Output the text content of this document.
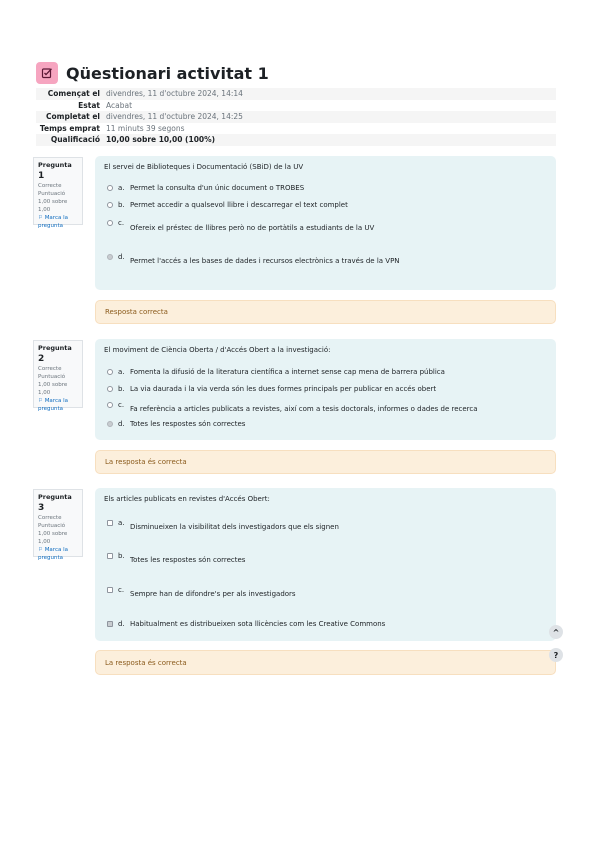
Qüestionari activitat 1
Començat el divendres, 11 d'octubre 2024, 14:14
Estat Acabat
Completat el divendres, 11 d'octubre 2024, 14:25
Temps emprat 11 minuts 39 segons
Qualificació 10,00 sobre 10,00 (100%)
Pregunta 1
Correcte
Puntuació 1,00 sobre 1,00
⚐ Marca la pregunta
El servei de Biblioteques i Documentació (SBiD) de la UV
a. Permet la consulta d'un únic document o TROBES
b. Permet accedir a qualsevol llibre i descarregar el text complet
c.
Ofereix el préstec de llibres però no de portàtils a estudiants de la UV
d. Permet l'accés a les bases de dades i recursos electrònics a través de la VPN
Resposta correcta
Pregunta 2
Correcte
Puntuació 1,00 sobre 1,00
⚐ Marca la pregunta
El moviment de Ciència Oberta / d'Accés Obert a la investigació:
a. Fomenta la difusió de la literatura científica a internet sense cap mena de barrera pública
b. La via daurada i la via verda són les dues formes principals per publicar en accés obert
c. Fa referència a articles publicats a revistes, així com a tesis doctorals, informes o dades de recerca
d. Totes les respostes són correctes
La resposta és correcta
Pregunta 3
Correcte
Puntuació 1,00 sobre 1,00
⚐ Marca la pregunta
Els articles publicats en revistes d'Accés Obert:
a. Disminueixen la visibilitat dels investigadors que els signen
b. Totes les respostes són correctes
c. Sempre han de difondre's per als investigadors
d. Habitualment es distribueixen sota llicències com les Creative Commons
La resposta és correcta
^
?
